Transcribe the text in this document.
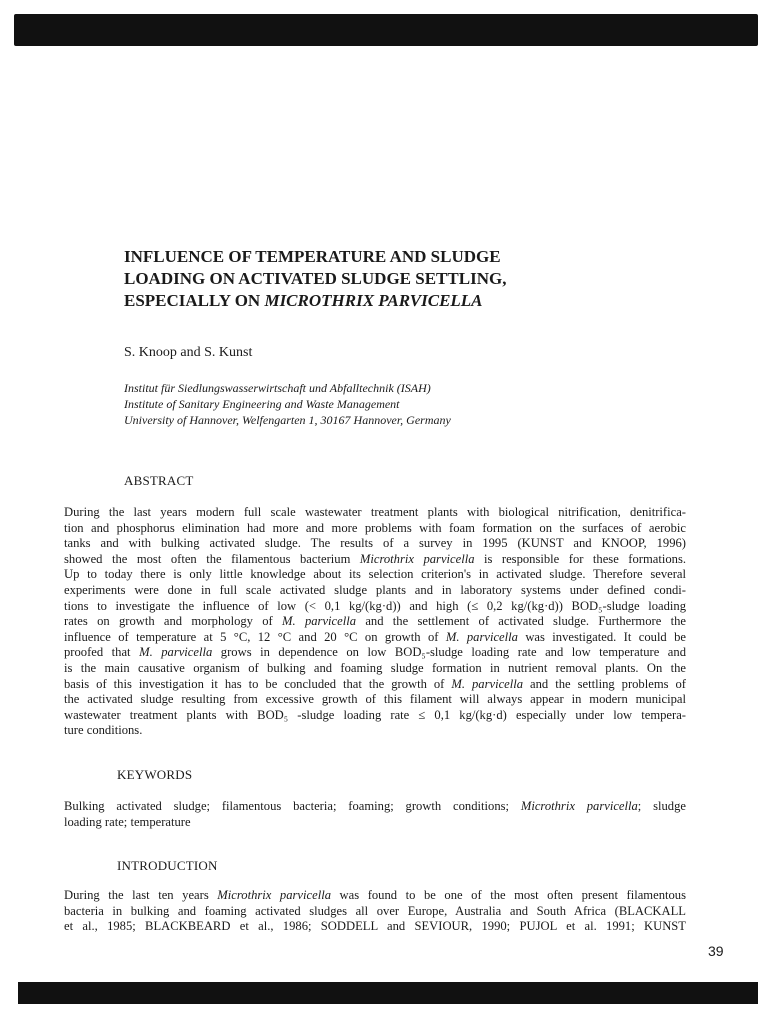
INFLUENCE OF TEMPERATURE AND SLUDGE
LOADING ON ACTIVATED SLUDGE SETTLING,
ESPECIALLY ON MICROTHRIX PARVICELLA

S. Knoop and S. Kunst

Institut für Siedlungswasserwirtschaft und Abfalltechnik (ISAH)
Institute of Sanitary Engineering and Waste Management
University of Hannover, Welfengarten 1, 30167 Hannover, Germany
ABSTRACT
During the last years modern full scale wastewater treatment plants with biological nitrification, denitrifica-
tion and phosphorus elimination had more and more problems with foam formation on the surfaces of aerobic
tanks and with bulking activated sludge. The results of a survey in 1995 (KUNST and KNOOP, 1996)
showed the most often the filamentous bacterium Microthrix parvicella is responsible for these formations.
Up to today there is only little knowledge about its selection criterion's in activated sludge. Therefore several
experiments were done in full scale activated sludge plants and in laboratory systems under defined condi-
tions to investigate the influence of low (< 0,1 kg/(kg·d)) and high (≤ 0,2 kg/(kg·d)) BOD₅-sludge loading
rates on growth and morphology of M. parvicella and the settlement of activated sludge. Furthermore the
influence of temperature at 5 °C, 12 °C and 20 °C on growth of M. parvicella was investigated. It could be
proofed that M. parvicella grows in dependence on low BOD₅-sludge loading rate and low temperature and
is the main causative organism of bulking and foaming sludge formation in nutrient removal plants. On the
basis of this investigation it has to be concluded that the growth of M. parvicella and the settling problems of
the activated sludge resulting from excessive growth of this filament will always appear in modern municipal
wastewater treatment plants with BOD₅ -sludge loading rate ≤ 0,1 kg/(kg·d) especially under low tempera-
ture conditions.
KEYWORDS
Bulking activated sludge; filamentous bacteria; foaming; growth conditions; Microthrix parvicella; sludge
loading rate; temperature
INTRODUCTION
During the last ten years Microthrix parvicella was found to be one of the most often present filamentous
bacteria in bulking and foaming activated sludges all over Europe, Australia and South Africa (BLACKALL
et al., 1985; BLACKBEARD et al., 1986; SODDELL and SEVIOUR, 1990; PUJOL et al. 1991; KUNST
39
